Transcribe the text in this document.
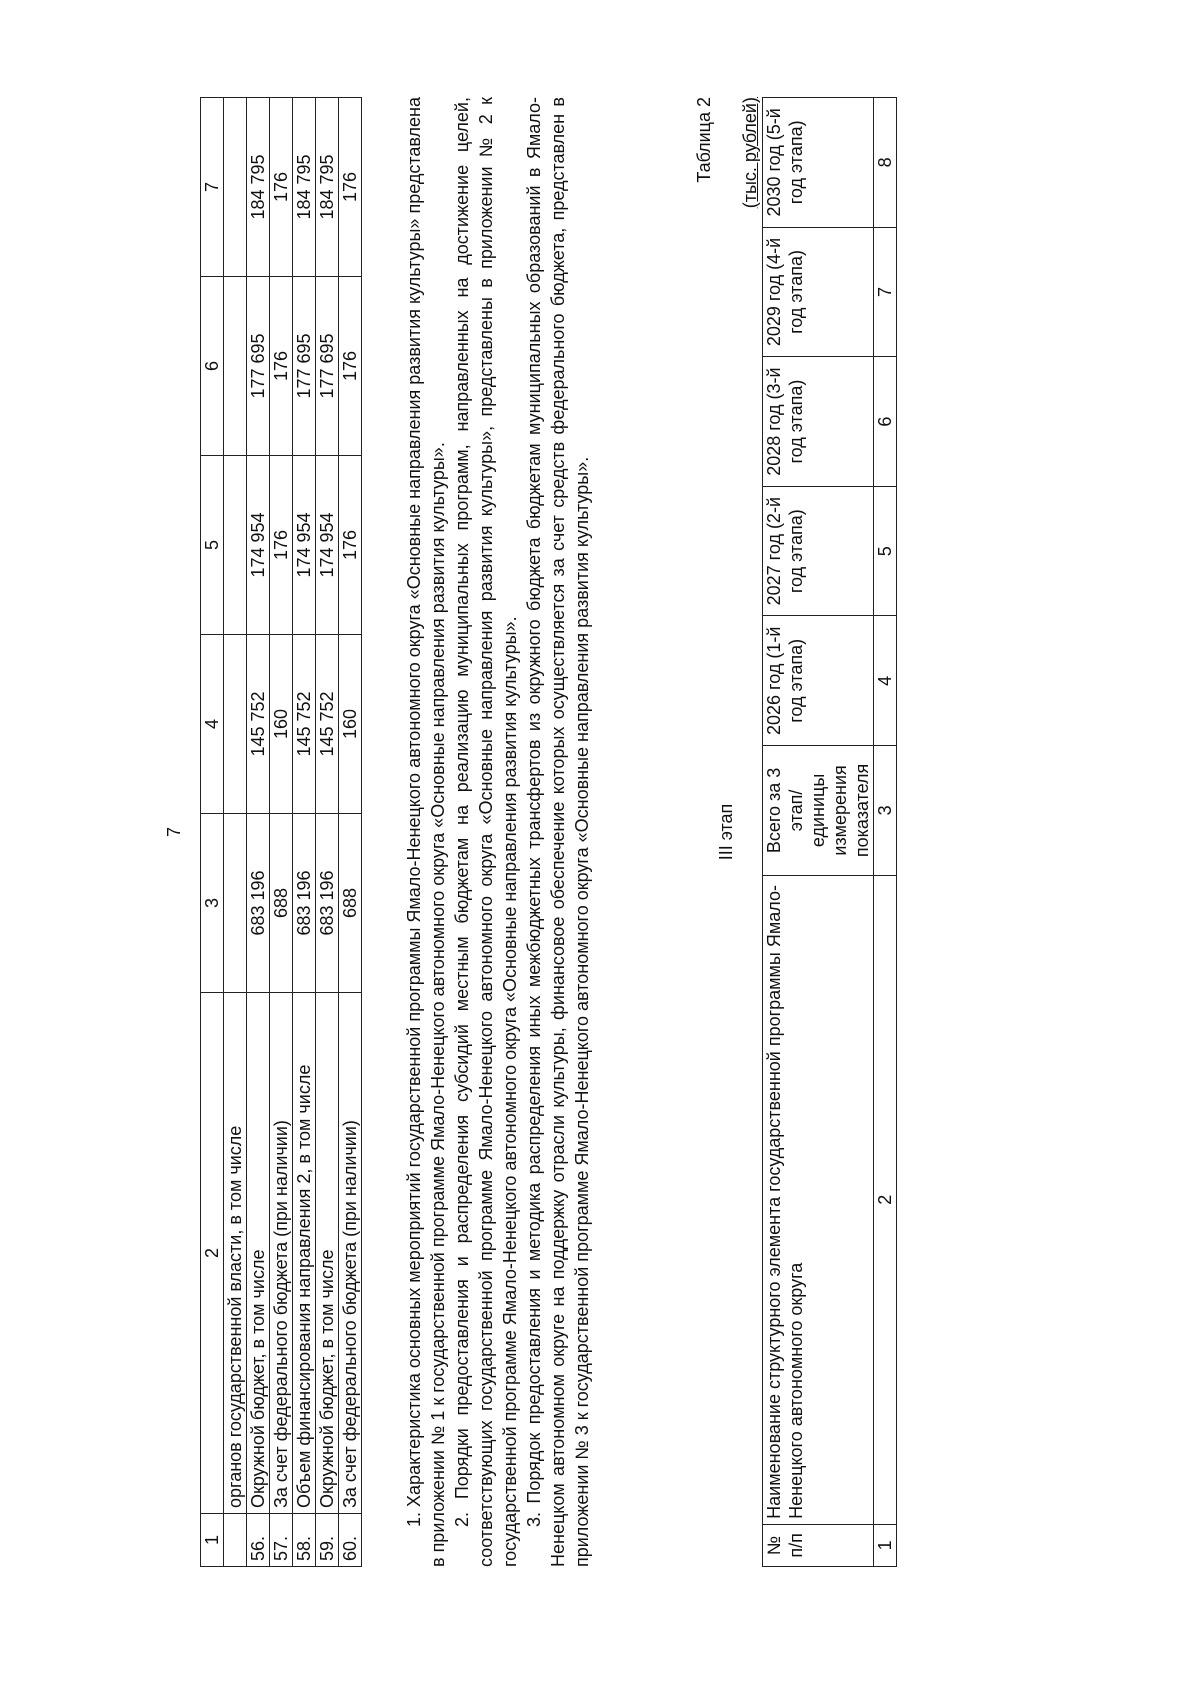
7
1	2	3	4	5	6	7
	органов государственной власти, в том числе					
56.	Окружной бюджет, в том числе	683 196	145 752	174 954	177 695	184 795
57.	За счет федерального бюджета (при наличии)	688	160	176	176	176
58.	Объем финансирования направления 2, в том числе	683 196	145 752	174 954	177 695	184 795
59.	Окружной бюджет, в том числе	683 196	145 752	174 954	177 695	184 795
60.	За счет федерального бюджета (при наличии)	688	160	176	176	176 1. Характеристика основных мероприятий государственной программы Ямало-Ненецкого автономного округа «Основные направления развития культуры» представлена в приложении № 1 к государственной программе Ямало-Ненецкого автономного округа «Основные направления развития культуры». 2. Порядки предоставления и распределения субсидий местным бюджетам на реализацию муниципальных программ, направленных на достижение целей, соответствующих государственной программе Ямало-Ненецкого автономного округа «Основные направления развития культуры», представлены в приложении № 2 к государственной программе Ямало-Ненецкого автономного округа «Основные направления развития культуры». 3. Порядок предоставления и методика распределения иных межбюджетных трансфертов из окружного бюджета бюджетам муниципальных образований в Ямало-Ненецком автономном округе на поддержку отрасли культуры, финансовое обеспечение которых осуществляется за счет средств федерального бюджета, представлен в приложении № 3 к государственной программе Ямало-Ненецкого автономного округа «Основные направления развития культуры».

Таблица 2
III этап
(тыс. рублей)
№ п/п	Наименование структурного элемента государственной программы Ямало-Ненецкого автономного округа	Всего за 3 этап/ единицы измерения показателя	2026 год (1-й год этапа)	2027 год (2-й год этапа)	2028 год (3-й год этапа)	2029 год (4-й год этапа)	2030 год (5-й год этапа)
1	2	3	4	5	6	7	8
